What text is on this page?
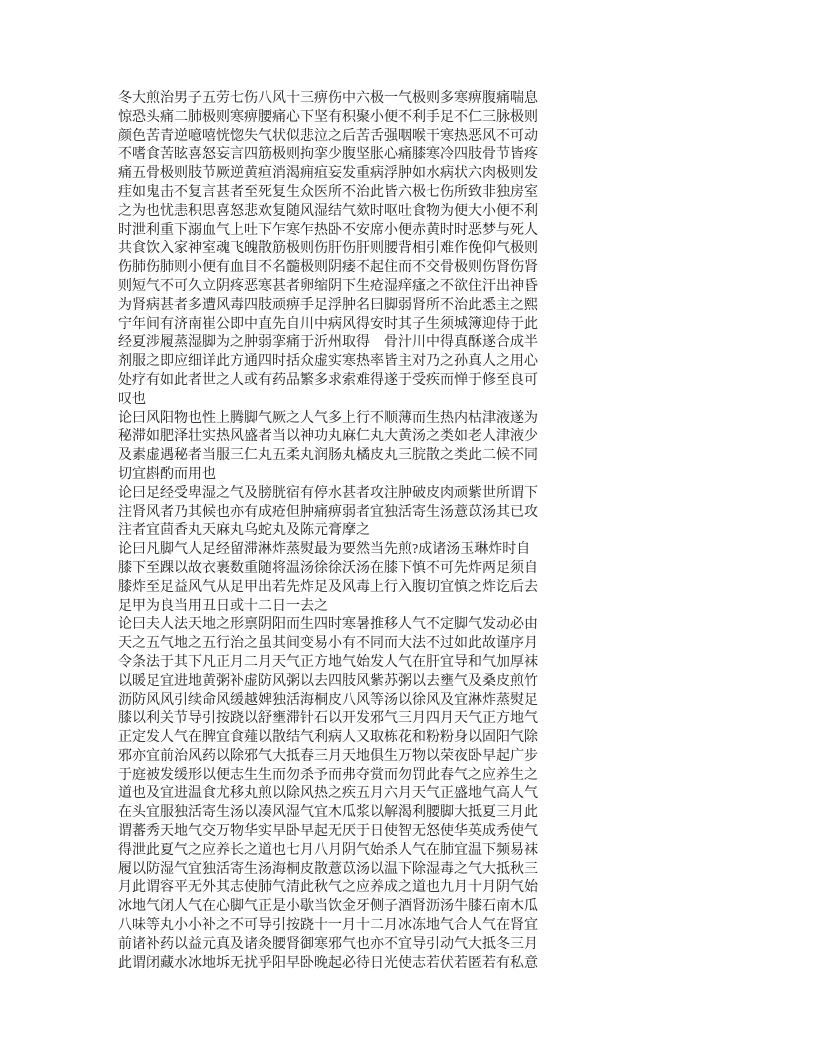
冬大煎治男子五劳七伤八风十三痹伤中六极一气极则多寒痹腹痛喘息
惊恐头痛二肺极则寒痹腰痛心下坚有积聚小便不利手足不仁三脉极则
颜色苦青逆噫嘻恍惚失气状似悲泣之后苦舌强咽喉干寒热恶风不可动
不嗜食苦眩喜怒妄言四筋极则拘挛少腹坚胀心痛膝寒冷四肢骨节皆疼
痛五骨极则肢节厥逆黄疸消渴痈疽妄发重病浮肿如水病状六肉极则发
疰如鬼击不复言甚者至死复生众医所不治此皆六极七伤所致非独房室
之为也忧恚积思喜怒悲欢复随风湿结气欬时呕吐食物为便大小便不利
时泄利重下溺血气上吐下乍寒乍热卧不安席小便赤黄时时恶梦与死人
共食饮入家神室魂飞魄散筋极则伤肝伤肝则腰背相引难作俛仰气极则
伤肺伤肺则小便有血目不名髓极则阴痿不起住而不交骨极则伤肾伤肾
则短气不可久立阴疼恶寒甚者卵缩阴下生疮湿痒瘙之不欲住汗出神昏
为肾病甚者多遭风毒四肢顽痹手足浮肿名曰脚弱肾所不治此悉主之熙
宁年间有济南崔公即中直先自川中病风得安时其子生须城簿迎侍于此
经夏涉履蒸湿脚为之肿弱挛痛于沂州取得　骨汁川中得真酥遂合成半
剂服之即应细详此方通四时括众虚实寒热率皆主对乃之孙真人之用心
处疗有如此者世之人或有药品繁多求索难得遂于受疾而惮于修至良可
叹也
论曰风阳物也性上腾脚气厥之人气多上行不顺薄而生热内枯津液遂为
秘滞如肥泽壮实热风盛者当以神功丸麻仁丸大黄汤之类如老人津液少
及素虚遇秘者当服三仁丸五柔丸润肠丸橘皮丸三脘散之类此二候不同
切宜斟酌而用也
论曰足经受卑湿之气及膀胱宿有停水甚者攻注肿破皮肉顽紫世所谓下
注肾风者乃其候也亦有成疮但肿痛痹弱者宜独活寄生汤薏苡汤其已攻
注者宜茴香丸天麻丸乌蛇丸及陈元膏摩之
论曰凡脚气人足经留滞淋炸蒸熨最为要然当先煎?成诸汤玉琳炸时自
膝下至踝以故衣裹数重随将温汤徐徐沃汤在膝下慎不可先炸两足须自
膝炸至足益风气从足甲出若先炸足及风毒上行入腹切宜慎之炸讫后去
足甲为良当用丑日或十二日一去之
论曰夫人法天地之形禀阴阳而生四时寒暑推移人气不定脚气发动必由
天之五气地之五行治之虽其间变易小有不同而大法不过如此故谨序月
令条法于其下凡正月二月天气正方地气始发人气在肝宜导和气加厚袜
以暖足宜进地黄粥补虚防风粥以去四肢风紫苏粥以去壅气及桑皮煎竹
沥防风风引续命风缓越婢独活海桐皮八风等汤以徐风及宜淋炸蒸熨足
膝以利关节导引按跷以舒壅滞针石以开发邪气三月四月天气正方地气
正定发人气在脾宜食薤以散结气利病人又取栋花和粉粉身以固阳气除
邪亦宜前治风药以除邪气大抵春三月天地俱生万物以荣夜卧早起广步
于庭被发缓形以便志生生而勿杀予而弗夺赏而勿罚此春气之应养生之
道也及宜进温食尤移丸煎以除风热之疾五月六月天气正盛地气高人气
在头宜服独活寄生汤以凑风湿气宜木瓜浆以解渴利腰脚大抵夏三月此
谓蕃秀天地气交万物华实早卧早起无厌于日使智无怒使华英成秀使气
得泄此夏气之应养长之道也七月八月阴气始杀人气在肺宜温下频易袜
履以防湿气宜独活寄生汤海桐皮散薏苡汤以温下除湿毒之气大抵秋三
月此谓容平无外其志使肺气清此秋气之应养成之道也九月十月阴气始
冰地气闭人气在心脚气正是小歇当饮金牙侧子酒肾沥汤牛膝石南木瓜
八味等丸小小补之不可导引按跷十一月十二月冰冻地气合人气在肾宜
前诸补药以益元真及诸灸腰肾御寒邪气也亦不宜导引动气大抵冬三月
此谓闭藏水冰地坼无扰乎阳早卧晚起必待日光使志若伏若匿若有私意
